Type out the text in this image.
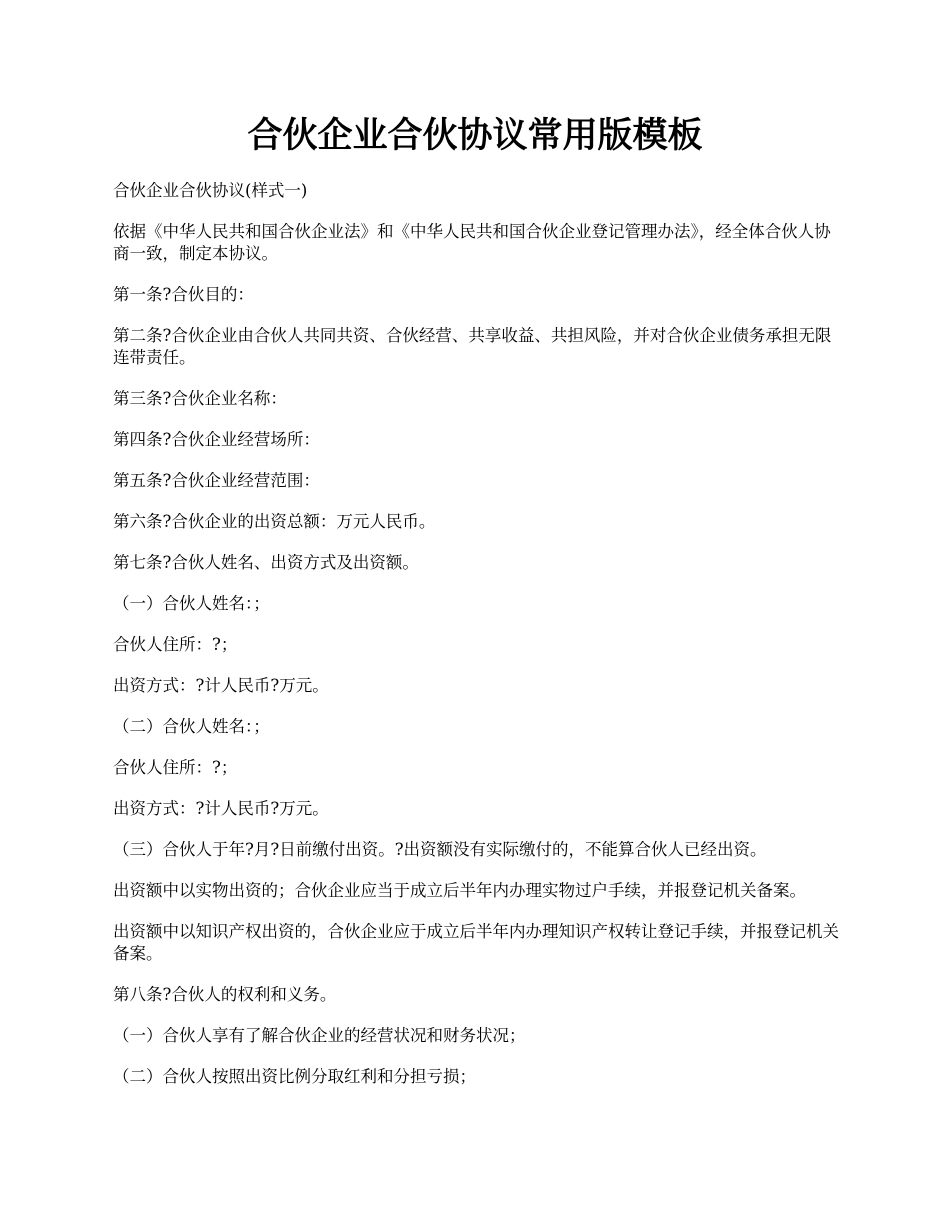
合伙企业合伙协议常用版模板

合伙企业合伙协议(样式一)

依据《中华人民共和国合伙企业法》和《中华人民共和国合伙企业登记管理办法》，经全体合伙人协商一致，制定本协议。

第一条?合伙目的：

第二条?合伙企业由合伙人共同共资、合伙经营、共享收益、共担风险，并对合伙企业债务承担无限连带责任。

第三条?合伙企业名称：

第四条?合伙企业经营场所：

第五条?合伙企业经营范围：

第六条?合伙企业的出资总额：万元人民币。

第七条?合伙人姓名、出资方式及出资额。

（一）合伙人姓名：；

合伙人住所：?；

出资方式：?计人民币?万元。

（二）合伙人姓名：；

合伙人住所：?；

出资方式：?计人民币?万元。

（三）合伙人于年?月?日前缴付出资。?出资额没有实际缴付的，不能算合伙人已经出资。

出资额中以实物出资的；合伙企业应当于成立后半年内办理实物过户手续，并报登记机关备案。

出资额中以知识产权出资的，合伙企业应于成立后半年内办理知识产权转让登记手续，并报登记机关备案。

第八条?合伙人的权利和义务。

（一）合伙人享有了解合伙企业的经营状况和财务状况；

（二）合伙人按照出资比例分取红利和分担亏损；
